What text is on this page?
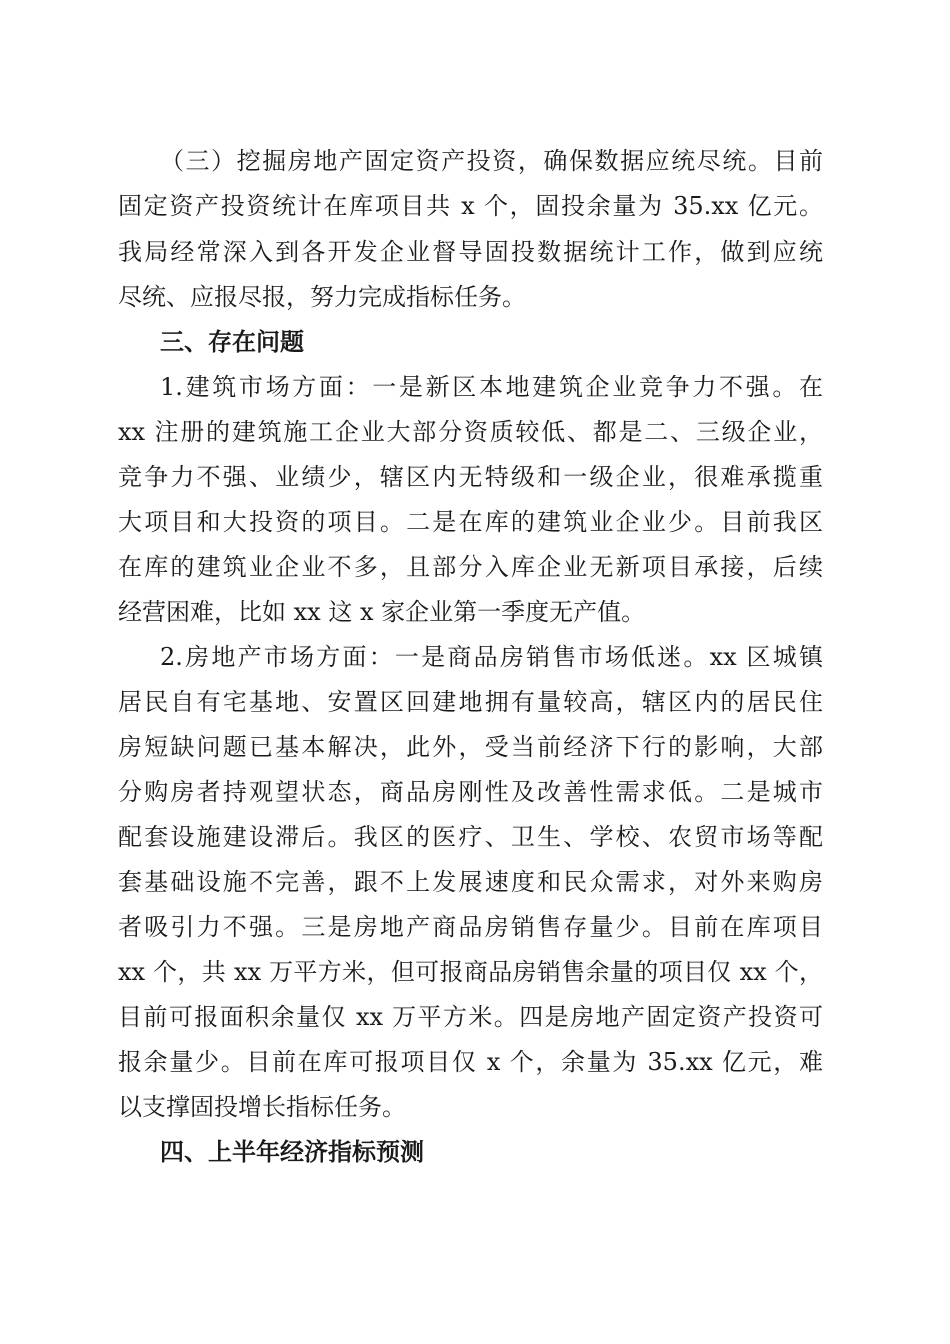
（三）挖掘房地产固定资产投资，确保数据应统尽统。目前
固定资产投资统计在库项目共 x 个，固投余量为 35.xx 亿元。
我局经常深入到各开发企业督导固投数据统计工作，做到应统
尽统、应报尽报，努力完成指标任务。
三、存在问题
1.建筑市场方面：一是新区本地建筑企业竞争力不强。在
xx 注册的建筑施工企业大部分资质较低、都是二、三级企业，
竞争力不强、业绩少，辖区内无特级和一级企业，很难承揽重
大项目和大投资的项目。二是在库的建筑业企业少。目前我区
在库的建筑业企业不多，且部分入库企业无新项目承接，后续
经营困难，比如 xx 这 x 家企业第一季度无产值。
2.房地产市场方面：一是商品房销售市场低迷。xx 区城镇
居民自有宅基地、安置区回建地拥有量较高，辖区内的居民住
房短缺问题已基本解决，此外，受当前经济下行的影响，大部
分购房者持观望状态，商品房刚性及改善性需求低。二是城市
配套设施建设滞后。我区的医疗、卫生、学校、农贸市场等配
套基础设施不完善，跟不上发展速度和民众需求，对外来购房
者吸引力不强。三是房地产商品房销售存量少。目前在库项目
xx 个，共 xx 万平方米，但可报商品房销售余量的项目仅 xx 个，
目前可报面积余量仅 xx 万平方米。四是房地产固定资产投资可
报余量少。目前在库可报项目仅 x 个，余量为 35.xx 亿元，难
以支撑固投增长指标任务。
四、上半年经济指标预测
